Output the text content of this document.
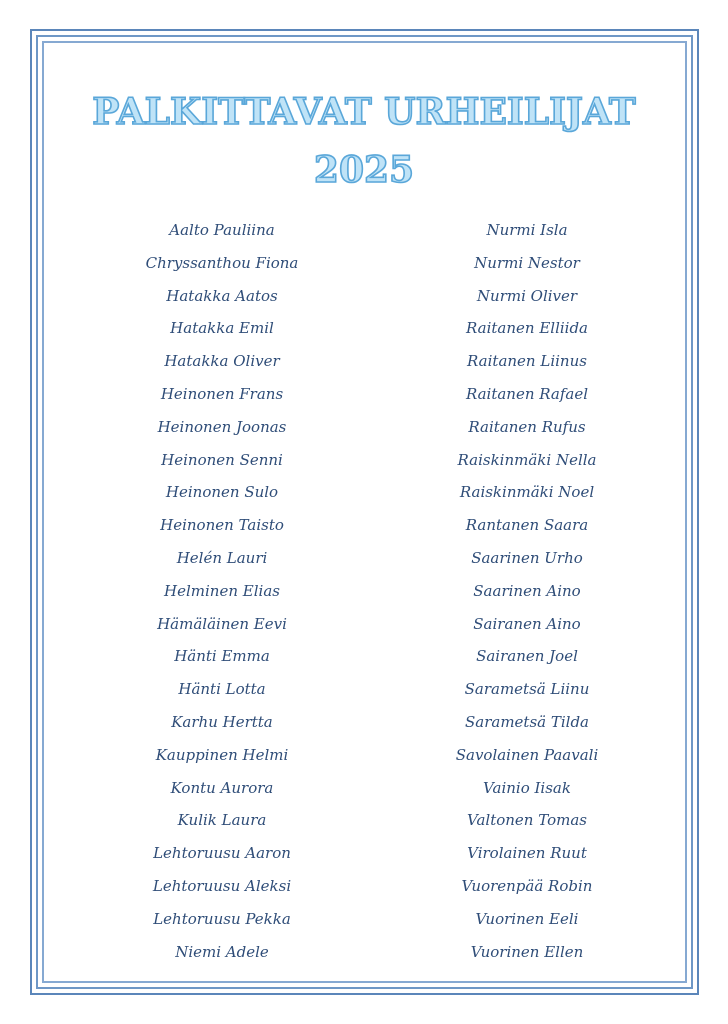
PALKITTAVAT URHEILIJAT
2025
Aalto Pauliina
Chryssanthou Fiona
Hatakka Aatos
Hatakka Emil
Hatakka Oliver
Heinonen Frans
Heinonen Joonas
Heinonen Senni
Heinonen Sulo
Heinonen Taisto
Helén Lauri
Helminen Elias
Hämäläinen Eevi
Hänti Emma
Hänti Lotta
Karhu Hertta
Kauppinen Helmi
Kontu Aurora
Kulik Laura
Lehtoruusu Aaron
Lehtoruusu Aleksi
Lehtoruusu Pekka
Niemi Adele
Nurmi Isla
Nurmi Nestor
Nurmi Oliver
Raitanen Elliida
Raitanen Liinus
Raitanen Rafael
Raitanen Rufus
Raiskinmäki Nella
Raiskinmäki Noel
Rantanen Saara
Saarinen Urho
Saarinen Aino
Sairanen Aino
Sairanen Joel
Sarametsä Liinu
Sarametsä Tilda
Savolainen Paavali
Vainio Iisak
Valtonen Tomas
Virolainen Ruut
Vuorenpää Robin
Vuorinen Eeli
Vuorinen Ellen
